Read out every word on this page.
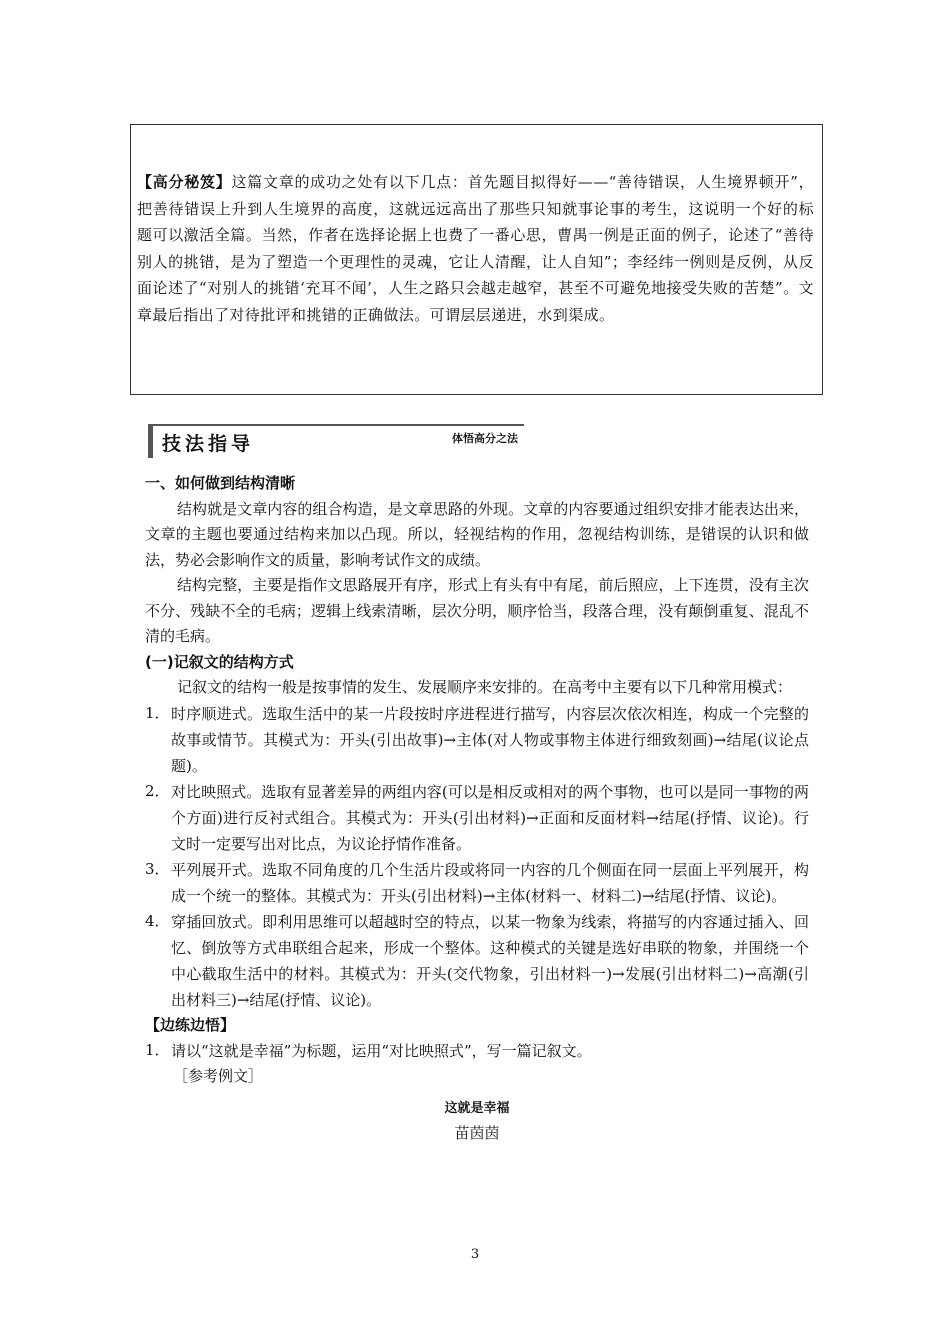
【高分秘笈】这篇文章的成功之处有以下几点：首先题目拟得好——“善待错误，人生境界顿开”，把善待错误上升到人生境界的高度，这就远远高出了那些只知就事论事的考生，这说明一个好的标题可以激活全篇。当然，作者在选择论据上也费了一番心思，曹禺一例是正面的例子，论述了“善待别人的挑错，是为了塑造一个更理性的灵魂，它让人清醒，让人自知”；李经纬一例则是反例，从反面论述了“对别人的挑错‘充耳不闻’，人生之路只会越走越窄，甚至不可避免地接受失败的苦楚”。文章最后指出了对待批评和挑错的正确做法。可谓层层递进，水到渠成。

技法指导	体悟高分之法

一、如何做到结构清晰

结构就是文章内容的组合构造，是文章思路的外现。文章的内容要通过组织安排才能表达出来，文章的主题也要通过结构来加以凸现。所以，轻视结构的作用，忽视结构训练，是错误的认识和做法，势必会影响作文的质量，影响考试作文的成绩。

结构完整，主要是指作文思路展开有序，形式上有头有中有尾，前后照应，上下连贯，没有主次不分、残缺不全的毛病；逻辑上线索清晰，层次分明，顺序恰当，段落合理，没有颠倒重复、混乱不清的毛病。

(一)记叙文的结构方式

记叙文的结构一般是按事情的发生、发展顺序来安排的。在高考中主要有以下几种常用模式：

1． 时序顺进式。选取生活中的某一片段按时序进程进行描写，内容层次依次相连，构成一个完整的故事或情节。其模式为：开头(引出故事)→主体(对人物或事物主体进行细致刻画)→结尾(议论点题)。
2． 对比映照式。选取有显著差异的两组内容(可以是相反或相对的两个事物，也可以是同一事物的两个方面)进行反衬式组合。其模式为：开头(引出材料)→正面和反面材料→结尾(抒情、议论)。行文时一定要写出对比点，为议论抒情作准备。
3． 平列展开式。选取不同角度的几个生活片段或将同一内容的几个侧面在同一层面上平列展开，构成一个统一的整体。其模式为：开头(引出材料)→主体(材料一、材料二)→结尾(抒情、议论)。
4． 穿插回放式。即利用思维可以超越时空的特点，以某一物象为线索，将描写的内容通过插入、回忆、倒放等方式串联组合起来，形成一个整体。这种模式的关键是选好串联的物象，并围绕一个中心截取生活中的材料。其模式为：开头(交代物象，引出材料一)→发展(引出材料二)→高潮(引出材料三)→结尾(抒情、议论)。

【边练边悟】

1． 请以“这就是幸福”为标题，运用“对比映照式”，写一篇记叙文。

［参考例文］

这就是幸福

苗茵茵

3
